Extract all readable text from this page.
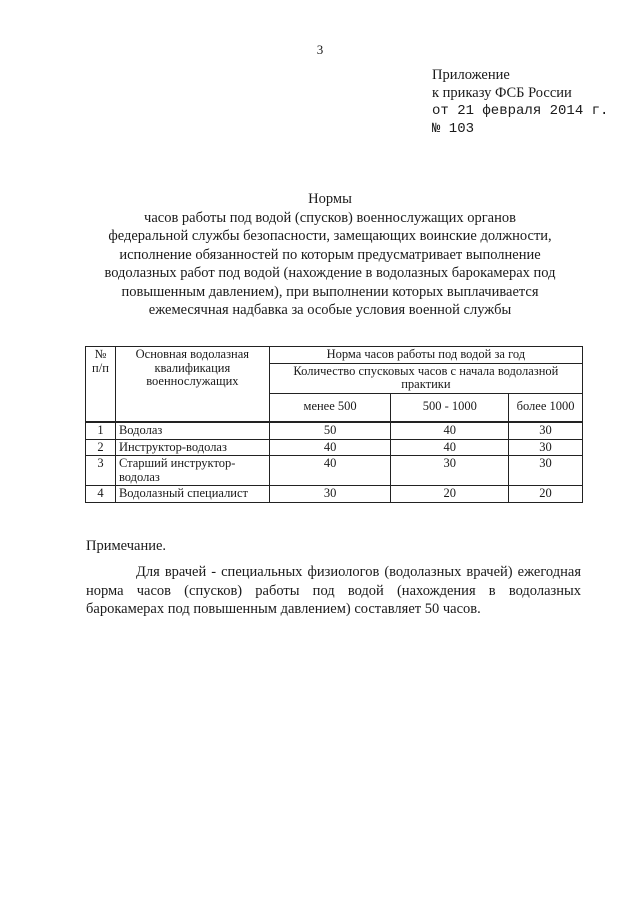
3
Приложение
к приказу ФСБ России
от 21 февраля 2014 г.
№ 103
Нормы
часов работы под водой (спусков) военнослужащих органов
федеральной службы безопасности, замещающих воинские должности,
исполнение обязанностей по которым предусматривает выполнение
водолазных работ под водой (нахождение в водолазных барокамерах под
повышенным давлением), при выполнении которых выплачивается
ежемесячная надбавка за особые условия военной службы
№ п/п	Основная водолазная квалификация военнослужащих	Норма часов работы под водой за год		
		Количество спусковых часов с начала водолазной практики		
		менее 500	500 - 1000	более 1000
1	Водолаз	50	40	30
2	Инструктор-водолаз	40	40	30
3	Старший инструктор-водолаз	40	30	30
4	Водолазный специалист	30	20	20
Примечание.
Для врачей - специальных физиологов (водолазных врачей) ежегодная норма часов (спусков) работы под водой (нахождения в водолазных барокамерах под повышенным давлением) составляет 50 часов.
